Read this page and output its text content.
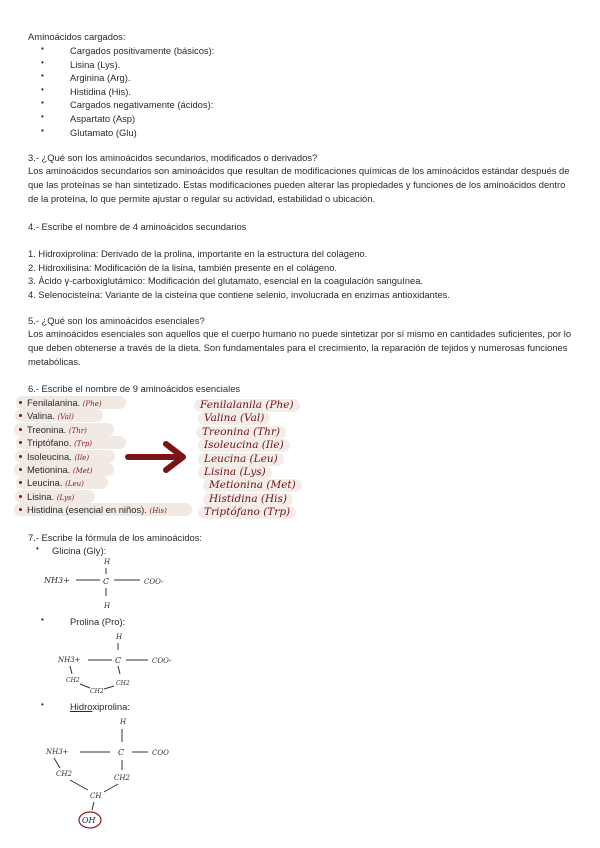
Aminoácidos cargados:
▪	Cargados positivamente (básicos):
•	Lisina (Lys).
▪	Arginina (Arg).
•	Histidina (His).
▪	Cargados negativamente (ácidos):
•	Aspartato (Asp)
▪	Glutamato (Glu)
3.- ¿Qué son los aminoácidos secundarios, modificados o derivados?
Los aminoácidos secundarios son aminoácidos que resultan de modificaciones químicas de los aminoácidos estándar después de que las proteínas se han sintetizado. Estas modificaciones pueden alterar las propiedades y funciones de los aminoácidos dentro de la proteína, lo que permite ajustar o regular su actividad, estabilidad o ubicación.
4.- Escribe el nombre de 4 aminoácidos secundarios
1. Hidroxiprolina: Derivado de la prolina, importante en la estructura del colágeno.
2. Hidroxilisina: Modificación de la lisina, también presente en el colágeno.
3. Ácido γ-carboxiglutámico: Modificación del glutamato, esencial en la coagulación sanguínea.
4. Selenocisteína: Variante de la cisteína que contiene selenio, involucrada en enzimas antioxidantes.
5.- ¿Qué son los aminoácidos esenciales?
Los aminoácidos esenciales son aquellos que el cuerpo humano no puede sintetizar por sí mismo en cantidades suficientes, por lo que deben obtenerse a través de la dieta. Son fundamentales para el crecimiento, la reparación de tejidos y numerosas funciones metabólicas.
6.- Escribe el nombre de 9 aminoácidos esenciales
Fenilalanina. (Phe)
Valina. (Val)
Treonina. (Thr)
Triptófano. (Trp)
Isoleucina. (Ile)
Metionina. (Met)
Leucina. (Leu)
Lisina. (Lys)
Histidina (esencial en niños). (His)
Fenilalanila (Phe)
Valina (Val)
Treonina (Thr)
Isoleucina (Ile)
Leucina (Leu)
Lisina (Lys)
Metionina (Met)
Histidina (His)
Triptófano (Trp)
7.- Escribe la fórmula de los aminoácidos:
• Glicina (Gly):
H
NH3+	C	COO-
H
▪	Prolina (Pro):
H
NH3+	C	COO-
CH2	CH2
CH2
•	Hidroxiprolina:
H
NH3+	C	COO
CH2	CH2
CH
OH
